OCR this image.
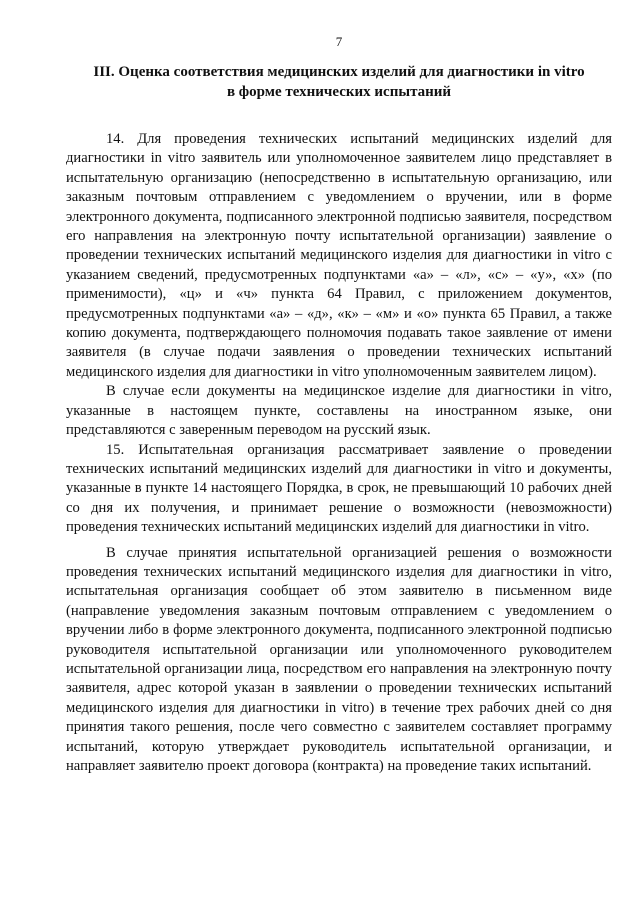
7
III. Оценка соответствия медицинских изделий для диагностики in vitro
в форме технических испытаний

14. Для проведения технических испытаний медицинских изделий для диагностики in vitro заявитель или уполномоченное заявителем лицо представляет в испытательную организацию (непосредственно в испытательную организацию, или заказным почтовым отправлением с уведомлением о вручении, или в форме электронного документа, подписанного электронной подписью заявителя, посредством его направления на электронную почту испытательной организации) заявление о проведении технических испытаний медицинского изделия для диагностики in vitro с указанием сведений, предусмотренных подпунктами «а» – «л», «с» – «у», «х» (по применимости), «ц» и «ч» пункта 64 Правил, с приложением документов, предусмотренных подпунктами «а» – «д», «к» – «м» и «о» пункта 65 Правил, а также копию документа, подтверждающего полномочия подавать такое заявление от имени заявителя (в случае подачи заявления о проведении технических испытаний медицинского изделия для диагностики in vitro уполномоченным заявителем лицом).

В случае если документы на медицинское изделие для диагностики in vitro, указанные в настоящем пункте, составлены на иностранном языке, они представляются с заверенным переводом на русский язык.

15. Испытательная организация рассматривает заявление о проведении технических испытаний медицинских изделий для диагностики in vitro и документы, указанные в пункте 14 настоящего Порядка, в срок, не превышающий 10 рабочих дней со дня их получения, и принимает решение о возможности (невозможности) проведения технических испытаний медицинских изделий для диагностики in vitro.

В случае принятия испытательной организацией решения о возможности проведения технических испытаний медицинского изделия для диагностики in vitro, испытательная организация сообщает об этом заявителю в письменном виде (направление уведомления заказным почтовым отправлением с уведомлением о вручении либо в форме электронного документа, подписанного электронной подписью руководителя испытательной организации или уполномоченного руководителем испытательной организации лица, посредством его направления на электронную почту заявителя, адрес которой указан в заявлении о проведении технических испытаний медицинского изделия для диагностики in vitro) в течение трех рабочих дней со дня принятия такого решения, после чего совместно с заявителем составляет программу испытаний, которую утверждает руководитель испытательной организации, и направляет заявителю проект договора (контракта) на проведение таких испытаний.
